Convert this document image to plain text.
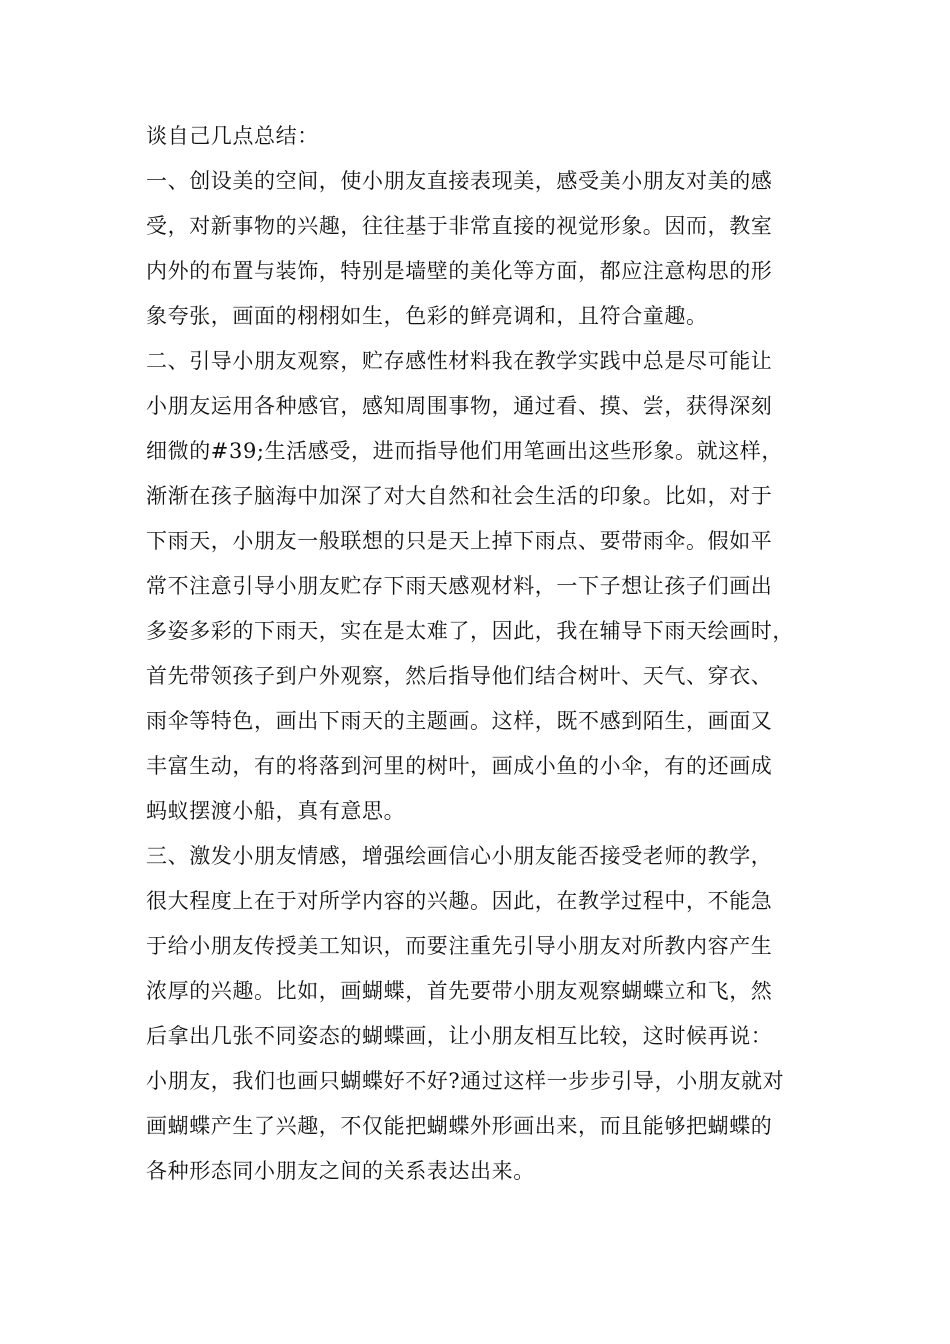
谈自己几点总结：

一、创设美的空间，使小朋友直接表现美，感受美小朋友对美的感
受，对新事物的兴趣，往往基于非常直接的视觉形象。因而，教室
内外的布置与装饰，特别是墙壁的美化等方面，都应注意构思的形
象夸张，画面的栩栩如生，色彩的鲜亮调和，且符合童趣。

二、引导小朋友观察，贮存感性材料我在教学实践中总是尽可能让
小朋友运用各种感官，感知周围事物，通过看、摸、尝，获得深刻
细微的#39;生活感受，进而指导他们用笔画出这些形象。就这样，
渐渐在孩子脑海中加深了对大自然和社会生活的印象。比如，对于
下雨天，小朋友一般联想的只是天上掉下雨点、要带雨伞。假如平
常不注意引导小朋友贮存下雨天感观材料，一下子想让孩子们画出
多姿多彩的下雨天，实在是太难了，因此，我在辅导下雨天绘画时，
首先带领孩子到户外观察，然后指导他们结合树叶、天气、穿衣、
雨伞等特色，画出下雨天的主题画。这样，既不感到陌生，画面又
丰富生动，有的将落到河里的树叶，画成小鱼的小伞，有的还画成
蚂蚁摆渡小船，真有意思。

三、激发小朋友情感，增强绘画信心小朋友能否接受老师的教学，
很大程度上在于对所学内容的兴趣。因此，在教学过程中，不能急
于给小朋友传授美工知识，而要注重先引导小朋友对所教内容产生
浓厚的兴趣。比如，画蝴蝶，首先要带小朋友观察蝴蝶立和飞，然
后拿出几张不同姿态的蝴蝶画，让小朋友相互比较，这时候再说：
小朋友，我们也画只蝴蝶好不好?通过这样一步步引导，小朋友就对
画蝴蝶产生了兴趣，不仅能把蝴蝶外形画出来，而且能够把蝴蝶的
各种形态同小朋友之间的关系表达出来。
